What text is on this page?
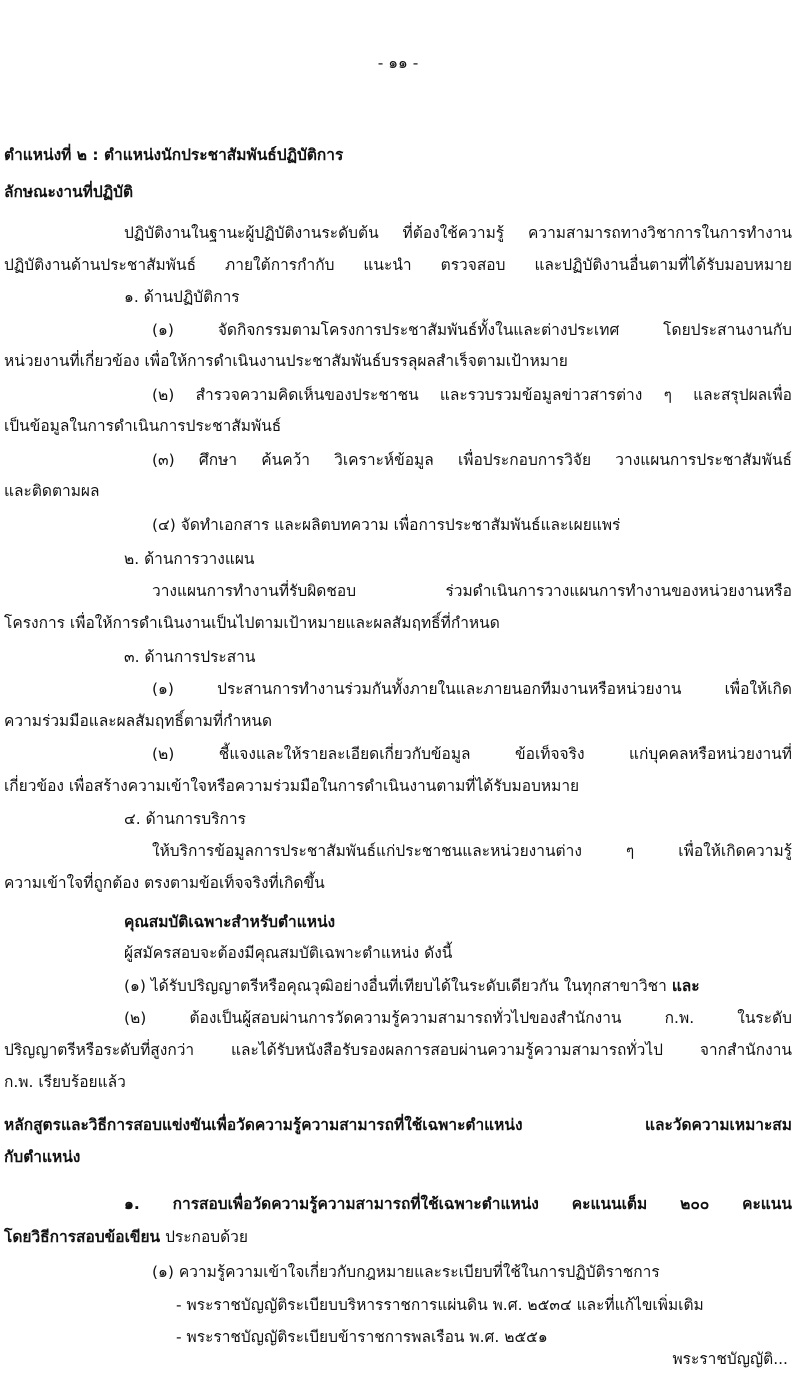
- ๑๑ -
ตำแหน่งที่ ๒ : ตำแหน่งนักประชาสัมพันธ์ปฏิบัติการ
ลักษณะงานที่ปฏิบัติ
ปฏิบัติงานในฐานะผู้ปฏิบัติงานระดับต้น ที่ต้องใช้ความรู้ ความสามารถทางวิชาการในการทำงาน
ปฏิบัติงานด้านประชาสัมพันธ์ ภายใต้การกำกับ แนะนำ ตรวจสอบ และปฏิบัติงานอื่นตามที่ได้รับมอบหมาย
๑. ด้านปฏิบัติการ
(๑) จัดกิจกรรมตามโครงการประชาสัมพันธ์ทั้งในและต่างประเทศ โดยประสานงานกับ
หน่วยงานที่เกี่ยวข้อง เพื่อให้การดำเนินงานประชาสัมพันธ์บรรลุผลสำเร็จตามเป้าหมาย
(๒) สำรวจความคิดเห็นของประชาชน และรวบรวมข้อมูลข่าวสารต่าง ๆ และสรุปผลเพื่อ
เป็นข้อมูลในการดำเนินการประชาสัมพันธ์
(๓) ศึกษา ค้นคว้า วิเคราะห์ข้อมูล เพื่อประกอบการวิจัย วางแผนการประชาสัมพันธ์
และติดตามผล
(๔) จัดทำเอกสาร และผลิตบทความ เพื่อการประชาสัมพันธ์และเผยแพร่
๒. ด้านการวางแผน
วางแผนการทำงานที่รับผิดชอบ ร่วมดำเนินการวางแผนการทำงานของหน่วยงานหรือ
โครงการ เพื่อให้การดำเนินงานเป็นไปตามเป้าหมายและผลสัมฤทธิ์ที่กำหนด
๓. ด้านการประสาน
(๑) ประสานการทำงานร่วมกันทั้งภายในและภายนอกทีมงานหรือหน่วยงาน เพื่อให้เกิด
ความร่วมมือและผลสัมฤทธิ์ตามที่กำหนด
(๒) ชี้แจงและให้รายละเอียดเกี่ยวกับข้อมูล ข้อเท็จจริง แก่บุคคลหรือหน่วยงานที่
เกี่ยวข้อง เพื่อสร้างความเข้าใจหรือความร่วมมือในการดำเนินงานตามที่ได้รับมอบหมาย
๔. ด้านการบริการ
ให้บริการข้อมูลการประชาสัมพันธ์แก่ประชาชนและหน่วยงานต่าง ๆ เพื่อให้เกิดความรู้
ความเข้าใจที่ถูกต้อง ตรงตามข้อเท็จจริงที่เกิดขึ้น
คุณสมบัติเฉพาะสำหรับตำแหน่ง
ผู้สมัครสอบจะต้องมีคุณสมบัติเฉพาะตำแหน่ง ดังนี้
(๑) ได้รับปริญญาตรีหรือคุณวุฒิอย่างอื่นที่เทียบได้ในระดับเดียวกัน ในทุกสาขาวิชา และ
(๒) ต้องเป็นผู้สอบผ่านการวัดความรู้ความสามารถทั่วไปของสำนักงาน ก.พ. ในระดับ
ปริญญาตรีหรือระดับที่สูงกว่า และได้รับหนังสือรับรองผลการสอบผ่านความรู้ความสามารถทั่วไป จากสำนักงาน
ก.พ. เรียบร้อยแล้ว
หลักสูตรและวิธีการสอบแข่งขันเพื่อวัดความรู้ความสามารถที่ใช้เฉพาะตำแหน่ง และวัดความเหมาะสม
กับตำแหน่ง
๑. การสอบเพื่อวัดความรู้ความสามารถที่ใช้เฉพาะตำแหน่ง คะแนนเต็ม ๒๐๐ คะแนน
โดยวิธีการสอบข้อเขียน ประกอบด้วย
(๑) ความรู้ความเข้าใจเกี่ยวกับกฎหมายและระเบียบที่ใช้ในการปฏิบัติราชการ
- พระราชบัญญัติระเบียบบริหารราชการแผ่นดิน พ.ศ. ๒๕๓๔ และที่แก้ไขเพิ่มเติม
- พระราชบัญญัติระเบียบข้าราชการพลเรือน พ.ศ. ๒๕๕๑
พระราชบัญญัติ...
